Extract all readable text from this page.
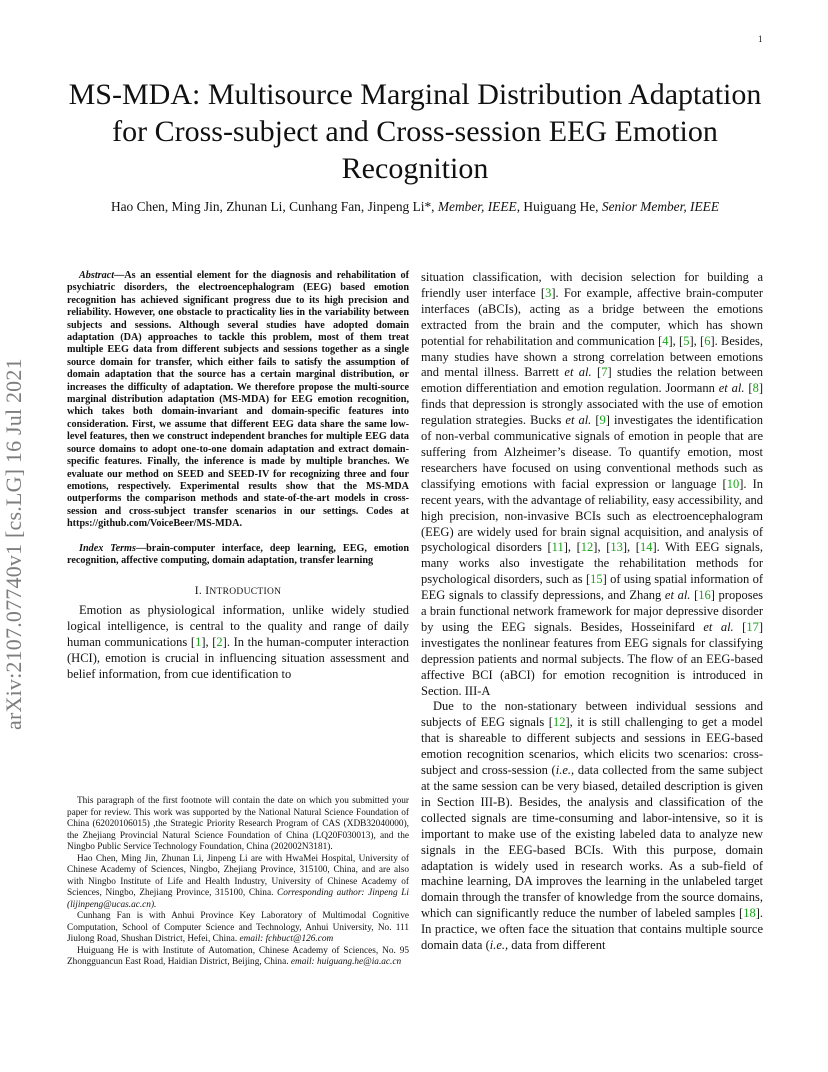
1
arXiv:2107.07740v1 [cs.LG] 16 Jul 2021
MS-MDA: Multisource Marginal Distribution Adaptation for Cross-subject and Cross-session EEG Emotion Recognition
Hao Chen, Ming Jin, Zhunan Li, Cunhang Fan, Jinpeng Li*, Member, IEEE, Huiguang He, Senior Member, IEEE

Abstract—As an essential element for the diagnosis and rehabilitation of psychiatric disorders, the electroencephalogram (EEG) based emotion recognition has achieved significant progress due to its high precision and reliability. However, one obstacle to practicality lies in the variability between subjects and sessions. Although several studies have adopted domain adaptation (DA) approaches to tackle this problem, most of them treat multiple EEG data from different subjects and sessions together as a single source domain for transfer, which either fails to satisfy the assumption of domain adaptation that the source has a certain marginal distribution, or increases the difficulty of adaptation. We therefore propose the multi-source marginal distribution adaptation (MS-MDA) for EEG emotion recognition, which takes both domain-invariant and domain-specific features into consideration. First, we assume that different EEG data share the same low-level features, then we construct independent branches for multiple EEG data source domains to adopt one-to-one domain adaptation and extract domain-specific features. Finally, the inference is made by multiple branches. We evaluate our method on SEED and SEED-IV for recognizing three and four emotions, respectively. Experimental results show that the MS-MDA outperforms the comparison methods and state-of-the-art models in cross-session and cross-subject transfer scenarios in our settings. Codes at https://github.com/VoiceBeer/MS-MDA.

Index Terms—brain-computer interface, deep learning, EEG, emotion recognition, affective computing, domain adaptation, transfer learning

I. INTRODUCTION

Emotion as physiological information, unlike widely studied logical intelligence, is central to the quality and range of daily human communications [1], [2]. In the human-computer interaction (HCI), emotion is crucial in influencing situation assessment and belief information, from cue identification to

This paragraph of the first footnote will contain the date on which you submitted your paper for review. This work was supported by the National Natural Science Foundation of China (62020106015) ,the Strategic Priority Research Program of CAS (XDB32040000), the Zhejiang Provincial Natural Science Foundation of China (LQ20F030013), and the Ningbo Public Service Technology Foundation, China (202002N3181).

Hao Chen, Ming Jin, Zhunan Li, Jinpeng Li are with HwaMei Hospital, University of Chinese Academy of Sciences, Ningbo, Zhejiang Province, 315100, China, and are also with Ningbo Institute of Life and Health Industry, University of Chinese Academy of Sciences, Ningbo, Zhejiang Province, 315100, China. Corresponding author: Jinpeng Li (lijinpeng@ucas.ac.cn).

Cunhang Fan is with Anhui Province Key Laboratory of Multimodal Cognitive Computation, School of Computer Science and Technology, Anhui University, No. 111 Jiulong Road, Shushan District, Hefei, China. email: fchbuct@126.com

Huiguang He is with Institute of Automation, Chinese Academy of Sciences, No. 95 Zhongguancun East Road, Haidian District, Beijing, China. email: huiguang.he@ia.ac.cn

situation classification, with decision selection for building a friendly user interface [3]. For example, affective brain-computer interfaces (aBCIs), acting as a bridge between the emotions extracted from the brain and the computer, which has shown potential for rehabilitation and communication [4], [5], [6]. Besides, many studies have shown a strong correlation between emotions and mental illness. Barrett et al. [7] studies the relation between emotion differentiation and emotion regulation. Joormann et al. [8] finds that depression is strongly associated with the use of emotion regulation strategies. Bucks et al. [9] investigates the identification of non-verbal communicative signals of emotion in people that are suffering from Alzheimer’s disease. To quantify emotion, most researchers have focused on using conventional methods such as classifying emotions with facial expression or language [10]. In recent years, with the advantage of reliability, easy accessibility, and high precision, non-invasive BCIs such as electroencephalogram (EEG) are widely used for brain signal acquisition, and analysis of psychological disorders [11], [12], [13], [14]. With EEG signals, many works also investigate the rehabilitation methods for psychological disorders, such as [15] of using spatial information of EEG signals to classify depressions, and Zhang et al. [16] proposes a brain functional network framework for major depressive disorder by using the EEG signals. Besides, Hosseinifard et al. [17] investigates the nonlinear features from EEG signals for classifying depression patients and normal subjects. The flow of an EEG-based affective BCI (aBCI) for emotion recognition is introduced in Section. III-A

Due to the non-stationary between individual sessions and subjects of EEG signals [12], it is still challenging to get a model that is shareable to different subjects and sessions in EEG-based emotion recognition scenarios, which elicits two scenarios: cross-subject and cross-session (i.e., data collected from the same subject at the same session can be very biased, detailed description is given in Section III-B). Besides, the analysis and classification of the collected signals are time-consuming and labor-intensive, so it is important to make use of the existing labeled data to analyze new signals in the EEG-based BCIs. With this purpose, domain adaptation is widely used in research works. As a sub-field of machine learning, DA improves the learning in the unlabeled target domain through the transfer of knowledge from the source domains, which can significantly reduce the number of labeled samples [18]. In practice, we often face the situation that contains multiple source domain data (i.e., data from different
